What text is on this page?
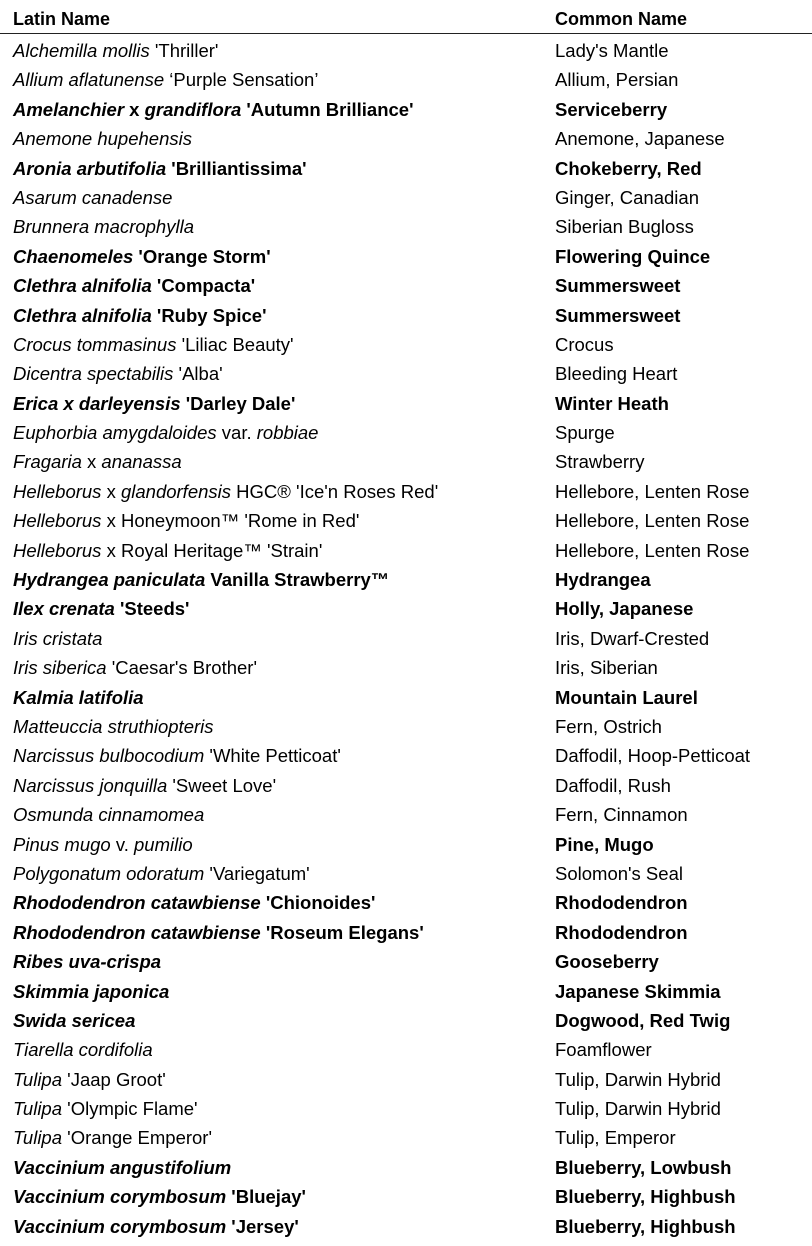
Latin Name	Common Name
Alchemilla mollis 'Thriller'	Lady's Mantle
Allium aflatunense ‘Purple Sensation’	Allium, Persian
Amelanchier x grandiflora 'Autumn Brilliance'	Serviceberry
Anemone hupehensis	Anemone, Japanese
Aronia arbutifolia 'Brilliantissima'	Chokeberry, Red
Asarum canadense	Ginger, Canadian
Brunnera macrophylla	Siberian Bugloss
Chaenomeles 'Orange Storm'	Flowering Quince
Clethra alnifolia 'Compacta'	Summersweet
Clethra alnifolia 'Ruby Spice'	Summersweet
Crocus tommasinus 'Liliac Beauty'	Crocus
Dicentra spectabilis 'Alba'	Bleeding Heart
Erica x darleyensis 'Darley Dale'	Winter Heath
Euphorbia amygdaloides var. robbiae	Spurge
Fragaria x ananassa	Strawberry
Helleborus x glandorfensis HGC® 'Ice'n Roses Red'	Hellebore, Lenten Rose
Helleborus x Honeymoon™ 'Rome in Red'	Hellebore, Lenten Rose
Helleborus x Royal Heritage™ 'Strain'	Hellebore, Lenten Rose
Hydrangea paniculata Vanilla Strawberry™	Hydrangea
Ilex crenata 'Steeds'	Holly, Japanese
Iris cristata	Iris, Dwarf-Crested
Iris siberica 'Caesar's Brother'	Iris, Siberian
Kalmia latifolia	Mountain Laurel
Matteuccia struthiopteris	Fern, Ostrich
Narcissus bulbocodium 'White Petticoat'	Daffodil, Hoop-Petticoat
Narcissus jonquilla 'Sweet Love'	Daffodil, Rush
Osmunda cinnamomea	Fern, Cinnamon
Pinus mugo v. pumilio	Pine, Mugo
Polygonatum odoratum 'Variegatum'	Solomon's Seal
Rhododendron catawbiense 'Chionoides'	Rhododendron
Rhododendron catawbiense 'Roseum Elegans'	Rhododendron
Ribes uva-crispa	Gooseberry
Skimmia japonica	Japanese Skimmia
Swida sericea	Dogwood, Red Twig
Tiarella cordifolia	Foamflower
Tulipa 'Jaap Groot'	Tulip, Darwin Hybrid
Tulipa 'Olympic Flame'	Tulip, Darwin Hybrid
Tulipa 'Orange Emperor'	Tulip, Emperor
Vaccinium angustifolium	Blueberry, Lowbush
Vaccinium corymbosum 'Bluejay'	Blueberry, Highbush
Vaccinium corymbosum 'Jersey'	Blueberry, Highbush
